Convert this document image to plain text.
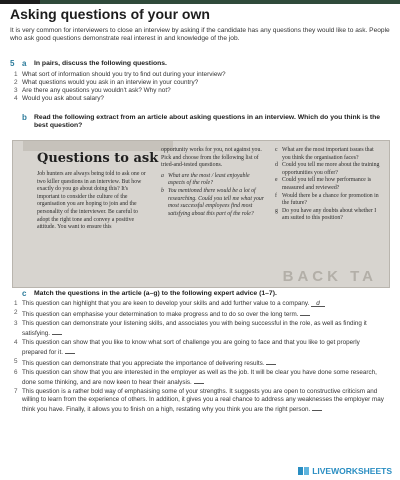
Asking questions of your own
It is very common for interviewers to close an interview by asking if the candidate has any questions they would like to ask. People who ask good questions demonstrate real interest in and knowledge of the job.
5 a In pairs, discuss the following questions.
1 What sort of information should you try to find out during your interview?
2 What questions would you ask in an interview in your country?
3 Are there any questions you wouldn't ask? Why not?
4 Would you ask about salary?
b Read the following extract from an article about asking questions in an interview. Which do you think is the best question?
Questions to ask
Job hunters are always being told to ask one or two killer questions in an interview. But how exactly do you go about doing this? It's important to consider the culture of the organisation you are hoping to join and the personality of the interviewer. Be careful to adopt the right tone and convey a positive attitude. You want to ensure this
opportunity works for you, not against you. Pick and choose from the following list of tried-and-tested questions.
a What are the most / least enjoyable aspects of the role?
b You mentioned there would be a lot of researching. Could you tell me what your most successful employees find most satisfying about this part of the role?
c What are the most important issues that you think the organisation faces?
d Could you tell me more about the training opportunities you offer?
e Could you tell me how performance is measured and reviewed?
f Would there be a chance for promotion in the future?
g Do you have any doubts about whether I am suited to this position?
BACK TA
c Match the questions in the article (a–g) to the following expert advice (1–7).
1 This question can highlight that you are keen to develop your skills and add further value to a company. d
2 This question can emphasise your determination to make progress and to do so over the long term.
3 This question can demonstrate your listening skills, and associates you with being successful in the role, as well as finding it satisfying.
4 This question can show that you like to know what sort of challenge you are going to face and that you like to get properly prepared for it.
5 This question can demonstrate that you appreciate the importance of delivering results.
6 This question can show that you are interested in the employer as well as the job. It will be clear you have done some research, done some thinking, and are now keen to hear their analysis.
7 This question is a rather bold way of emphasising some of your strengths. It suggests you are open to constructive criticism and willing to learn from the experience of others. In addition, it gives you a real chance to address any weaknesses the employer may think you have. Finally, it allows you to finish on a high, restating why you think you are the right person.
LIVEWORKSHEETS
